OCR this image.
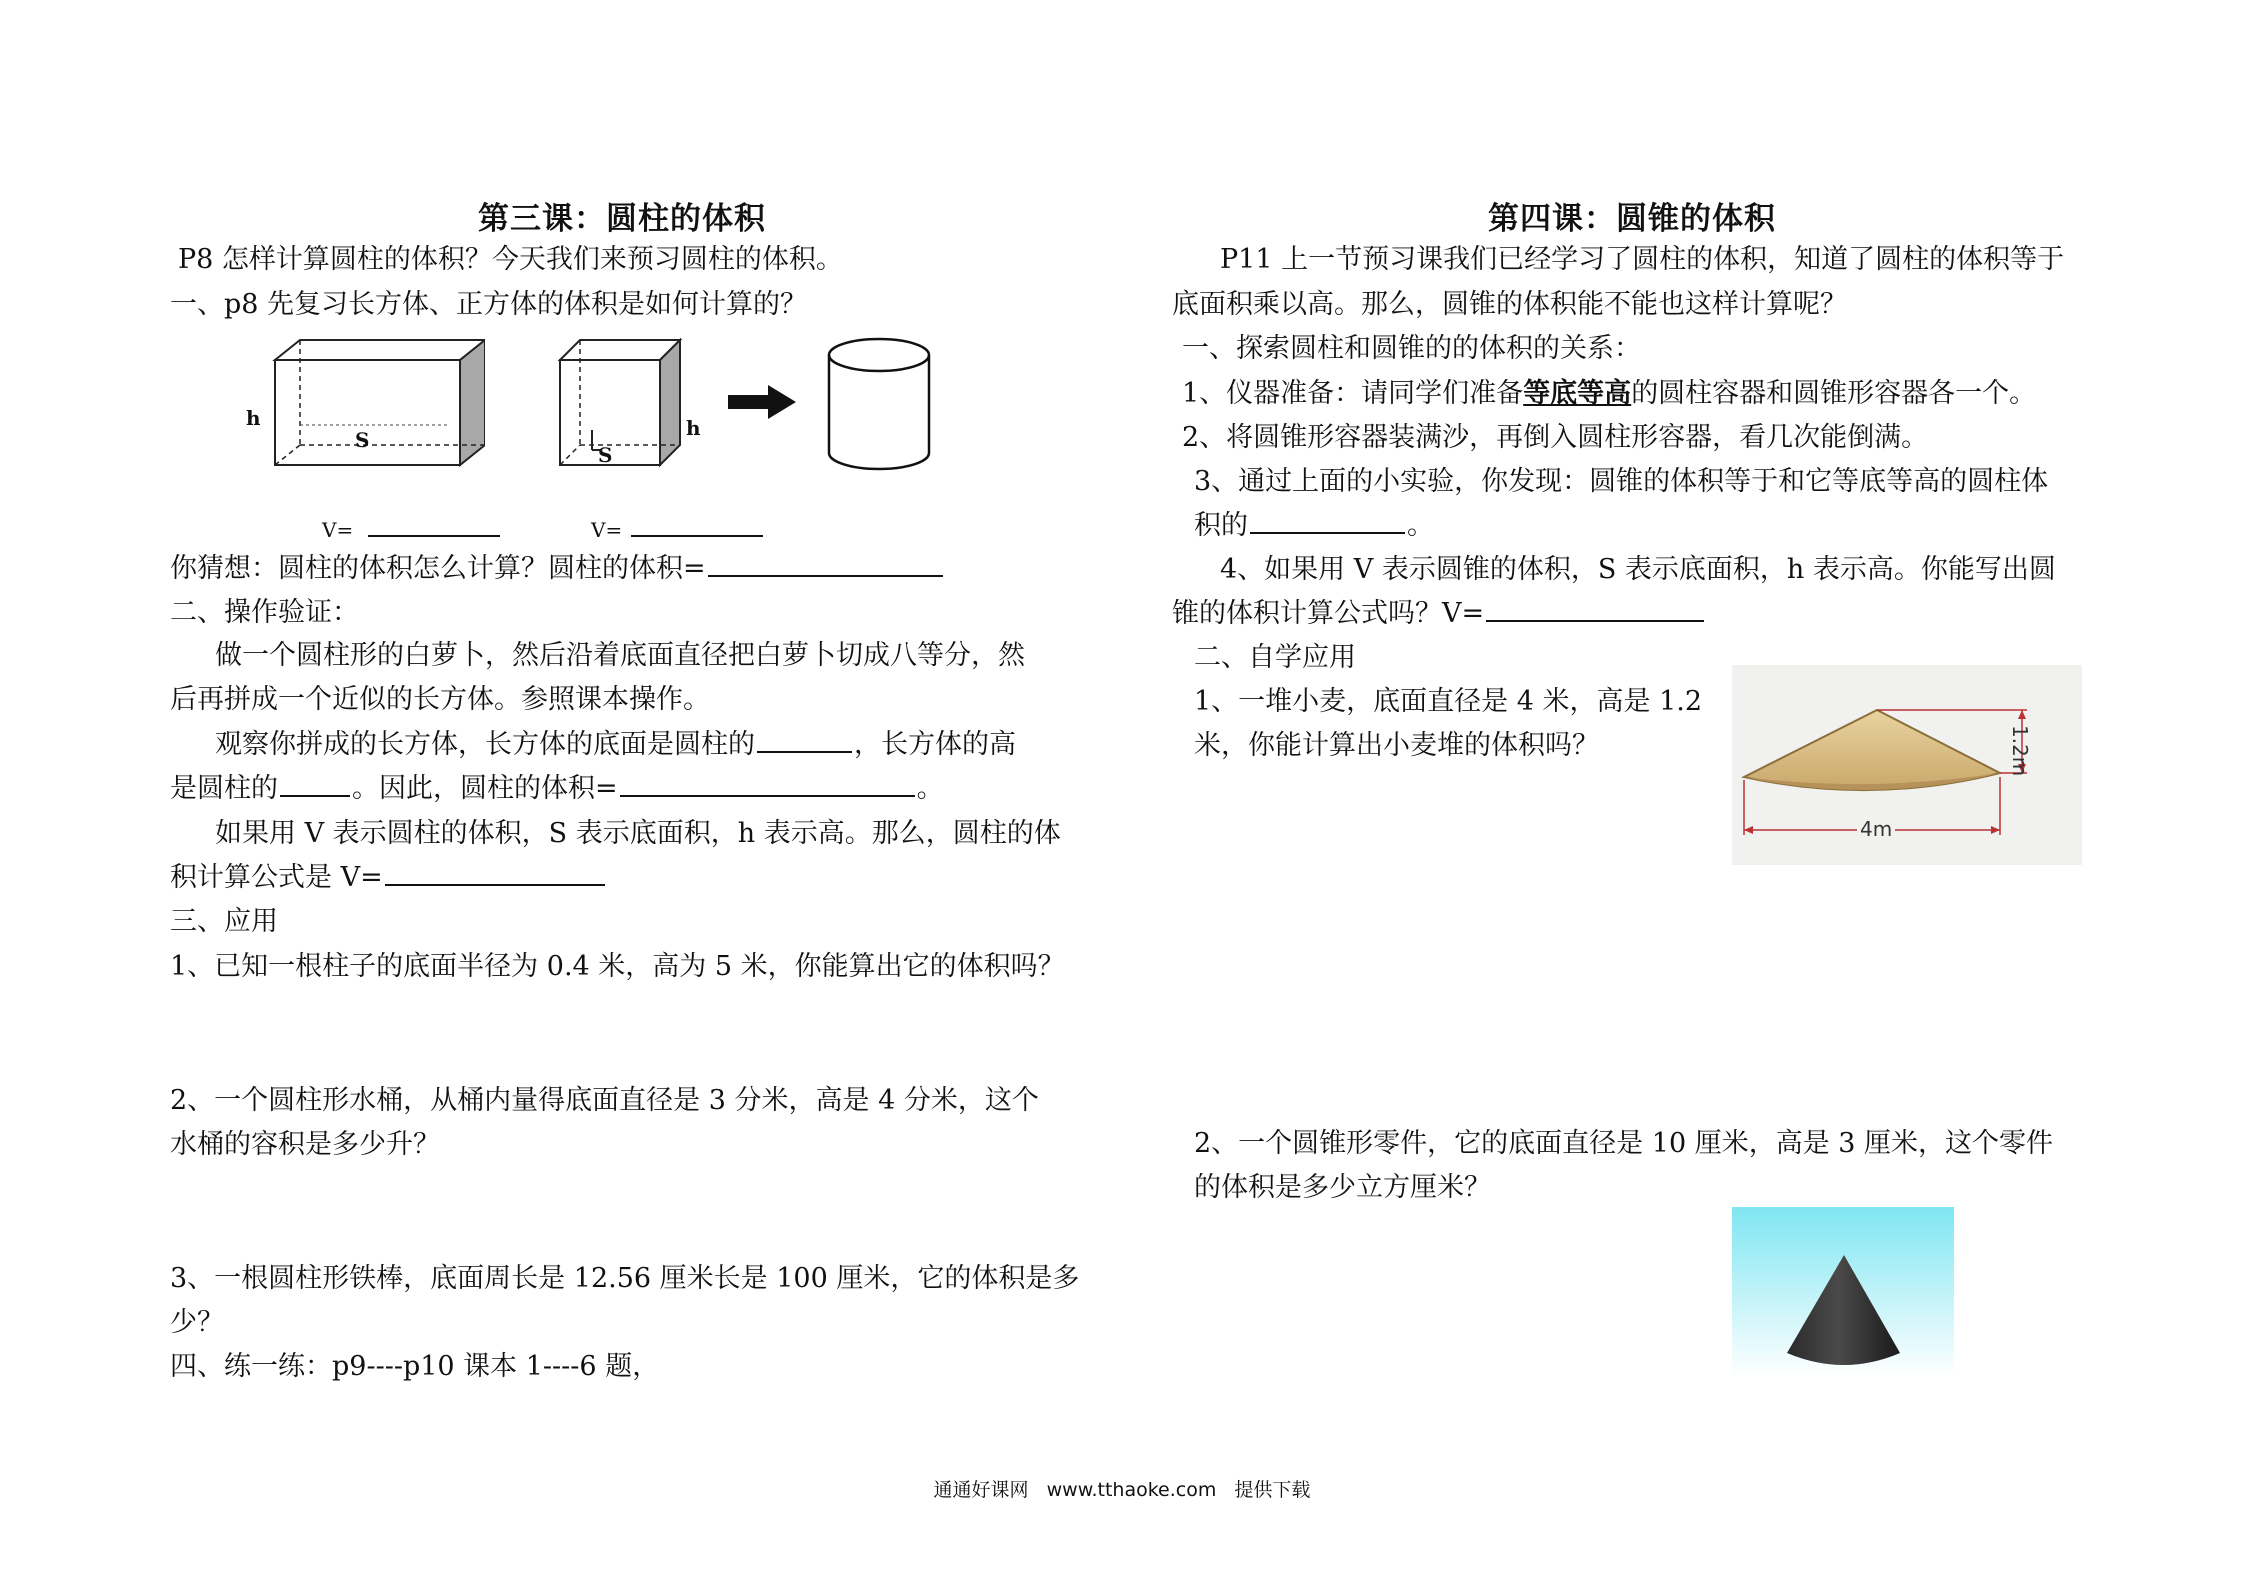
第三课：圆柱的体积
P8 怎样计算圆柱的体积？今天我们来预习圆柱的体积。
一、p8 先复习长方体、正方体的体积是如何计算的？
h
S	h
S
V=	V=
你猜想：圆柱的体积怎么计算？圆柱的体积=
二、操作验证：
做一个圆柱形的白萝卜，然后沿着底面直径把白萝卜切成八等分，然
后再拼成一个近似的长方体。参照课本操作。
观察你拼成的长方体，长方体的底面是圆柱的	，长方体的高
是圆柱的	。因此，圆柱的体积=	。
如果用 V 表示圆柱的体积，S 表示底面积，h 表示高。那么，圆柱的体
积计算公式是 V=
三、应用
1、已知一根柱子的底面半径为 0.4 米，高为 5 米，你能算出它的体积吗？
2、一个圆柱形水桶，从桶内量得底面直径是 3 分米，高是 4 分米，这个
水桶的容积是多少升？
3、一根圆柱形铁棒，底面周长是 12.56 厘米长是 100 厘米，它的体积是多
少？
四、练一练：p9----p10 课本 1----6 题，
第四课：圆锥的体积
P11 上一节预习课我们已经学习了圆柱的体积，知道了圆柱的体积等于
底面积乘以高。那么，圆锥的体积能不能也这样计算呢？
一、探索圆柱和圆锥的的体积的关系：
1、仪器准备：请同学们准备等底等高的圆柱容器和圆锥形容器各一个。
2、将圆锥形容器装满沙，再倒入圆柱形容器，看几次能倒满。
3、通过上面的小实验，你发现：圆锥的体积等于和它等底等高的圆柱体
积的	。
4、如果用 V 表示圆锥的体积，S 表示底面积，h 表示高。你能写出圆
锥的体积计算公式吗？V=
二、自学应用
1、一堆小麦，底面直径是 4 米，高是 1.2
米，你能计算出小麦堆的体积吗？	1.2m
4m
2、一个圆锥形零件，它的底面直径是 10 厘米，高是 3 厘米，这个零件
的体积是多少立方厘米？
通通好课网 www.tthaoke.com 提供下载
